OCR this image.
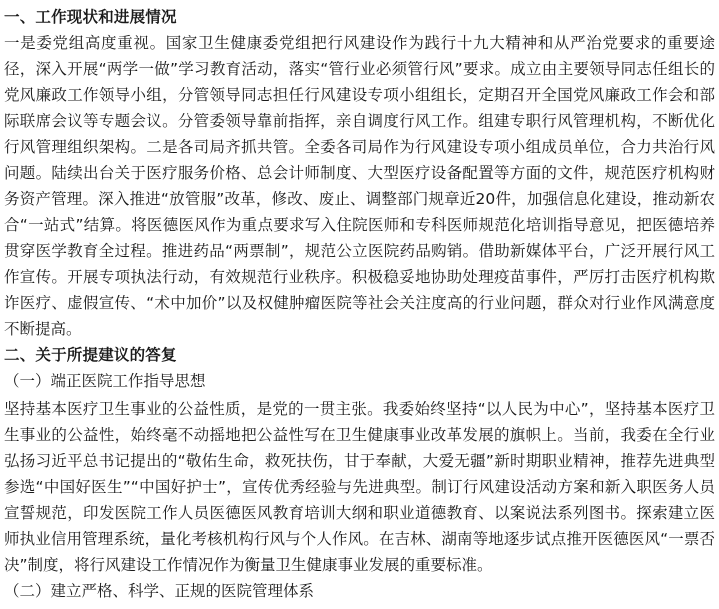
一、工作现状和进展情况

一是委党组高度重视。国家卫生健康委党组把行风建设作为践行十九大精神和从严治党要求的重要途径，深入开展“两学一做”学习教育活动，落实“管行业必须管行风”要求。成立由主要领导同志任组长的党风廉政工作领导小组，分管领导同志担任行风建设专项小组组长，定期召开全国党风廉政工作会和部际联席会议等专题会议。分管委领导靠前指挥，亲自调度行风工作。组建专职行风管理机构，不断优化行风管理组织架构。二是各司局齐抓共管。全委各司局作为行风建设专项小组成员单位，合力共治行风问题。陆续出台关于医疗服务价格、总会计师制度、大型医疗设备配置等方面的文件，规范医疗机构财务资产管理。深入推进“放管服”改革，修改、废止、调整部门规章近20件，加强信息化建设，推动新农合“一站式”结算。将医德医风作为重点要求写入住院医师和专科医师规范化培训指导意见，把医德培养贯穿医学教育全过程。推进药品“两票制”，规范公立医院药品购销。借助新媒体平台，广泛开展行风工作宣传。开展专项执法行动，有效规范行业秩序。积极稳妥地协助处理疫苗事件，严厉打击医疗机构欺诈医疗、虚假宣传、“术中加价”以及权健肿瘤医院等社会关注度高的行业问题，群众对行业作风满意度不断提高。

二、关于所提建议的答复
（一）端正医院工作指导思想

坚持基本医疗卫生事业的公益性质，是党的一贯主张。我委始终坚持“以人民为中心”，坚持基本医疗卫生事业的公益性，始终毫不动摇地把公益性写在卫生健康事业改革发展的旗帜上。当前，我委在全行业弘扬习近平总书记提出的“敬佑生命，救死扶伤，甘于奉献，大爱无疆”新时期职业精神，推荐先进典型参选“中国好医生”“中国好护士”，宣传优秀经验与先进典型。制订行风建设活动方案和新入职医务人员宣誓规范，印发医院工作人员医德医风教育培训大纲和职业道德教育、以案说法系列图书。探索建立医师执业信用管理系统，量化考核机构行风与个人作风。在吉林、湖南等地逐步试点推开医德医风“一票否决”制度，将行风建设工作情况作为衡量卫生健康事业发展的重要标准。

（二）建立严格、科学、正规的医院管理体系
